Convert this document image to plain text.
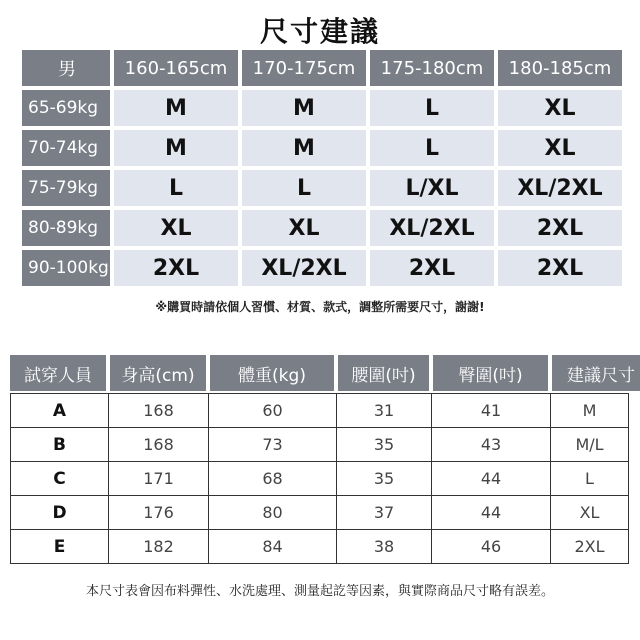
尺寸建議
男	160-165cm	170-175cm	175-180cm	180-185cm
65-69kg	M	M	L	XL
70-74kg	M	M	L	XL
75-79kg	L	L	L/XL	XL/2XL
80-89kg	XL	XL	XL/2XL	2XL
90-100kg	2XL	XL/2XL	2XL	2XL
※購買時請依個人習慣、材質、款式，調整所需要尺寸，謝謝!
試穿人員	身高(cm)	體重(kg)	腰圍(吋)	臀圍(吋)	建議尺寸
A	168	60	31	41	M
B	168	73	35	43	M/L
C	171	68	35	44	L
D	176	80	37	44	XL
E	182	84	38	46	2XL
本尺寸表會因布料彈性、水洗處理、測量起訖等因素，與實際商品尺寸略有誤差。
